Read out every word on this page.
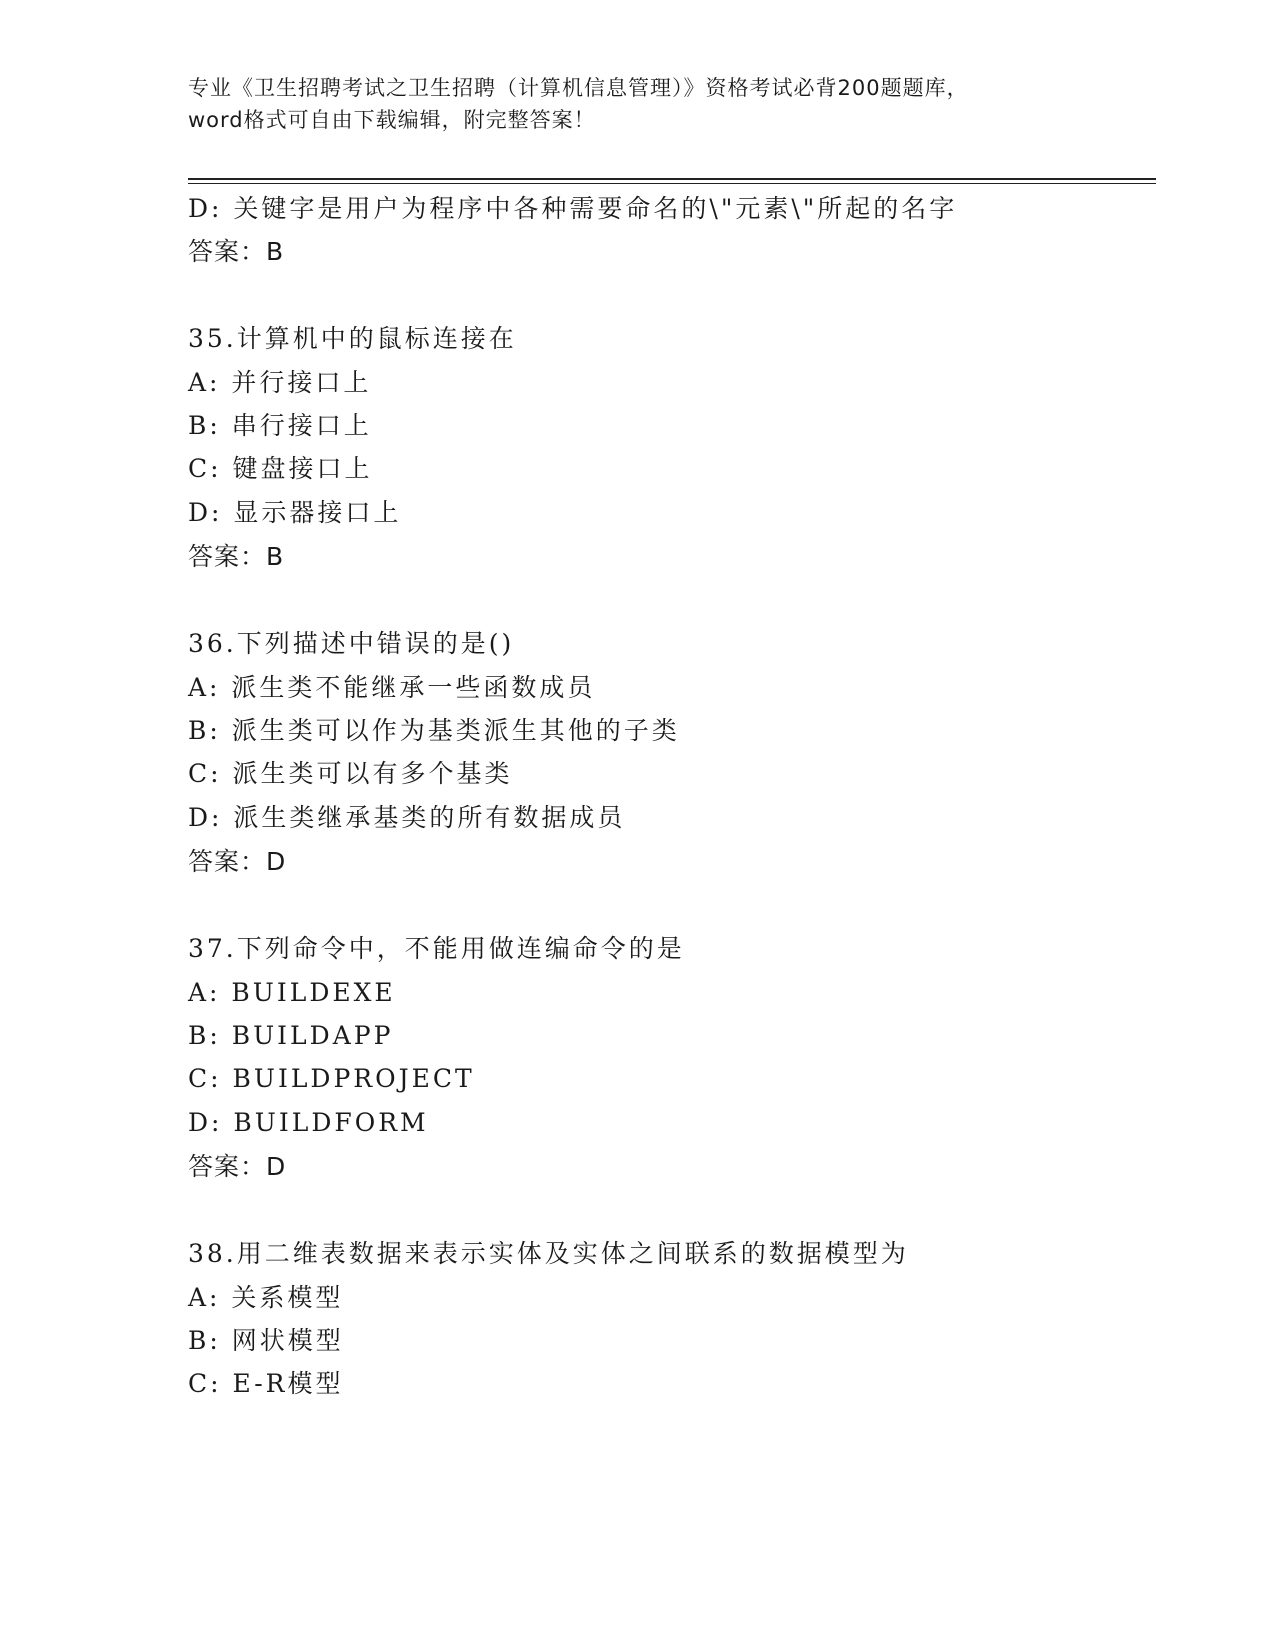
专业《卫生招聘考试之卫生招聘（计算机信息管理）》资格考试必背200题题库，
word格式可自由下载编辑，附完整答案！
D: 关键字是用户为程序中各种需要命名的\"元素\"所起的名字
答案：B
35.计算机中的鼠标连接在
A: 并行接口上
B: 串行接口上
C: 键盘接口上
D: 显示器接口上
答案：B
36.下列描述中错误的是()
A: 派生类不能继承一些函数成员
B: 派生类可以作为基类派生其他的子类
C: 派生类可以有多个基类
D: 派生类继承基类的所有数据成员
答案：D
37.下列命令中，不能用做连编命令的是
A: BUILDEXE
B: BUILDAPP
C: BUILDPROJECT
D: BUILDFORM
答案：D
38.用二维表数据来表示实体及实体之间联系的数据模型为
A: 关系模型
B: 网状模型
C: E-R模型
